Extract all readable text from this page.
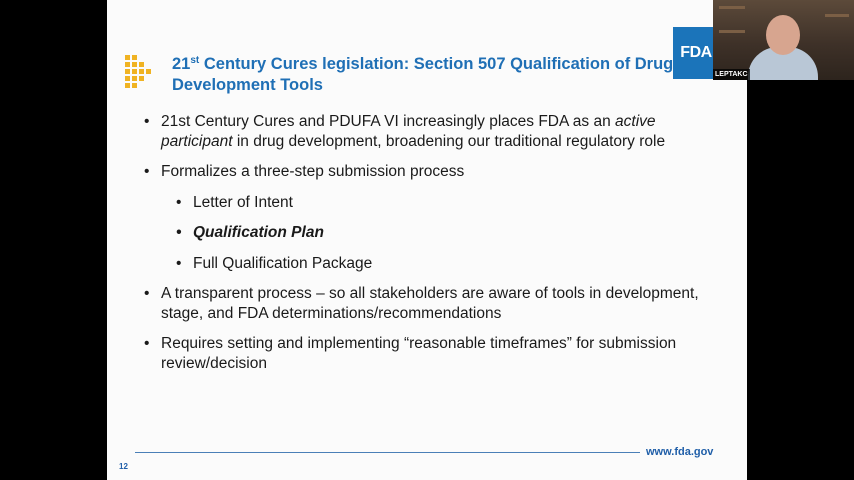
21st Century Cures legislation: Section 507 Qualification of Drug Development Tools
FDA
• 21st Century Cures and PDUFA VI increasingly places FDA as an active participant in drug development, broadening our traditional regulatory role
• Formalizes a three-step submission process
• Letter of Intent
• Qualification Plan
• Full Qualification Package
• A transparent process – so all stakeholders are aware of tools in development, stage, and FDA determinations/recommendations
• Requires setting and implementing “reasonable timeframes” for submission review/decision
www.fda.gov
12
LEPTAKC
